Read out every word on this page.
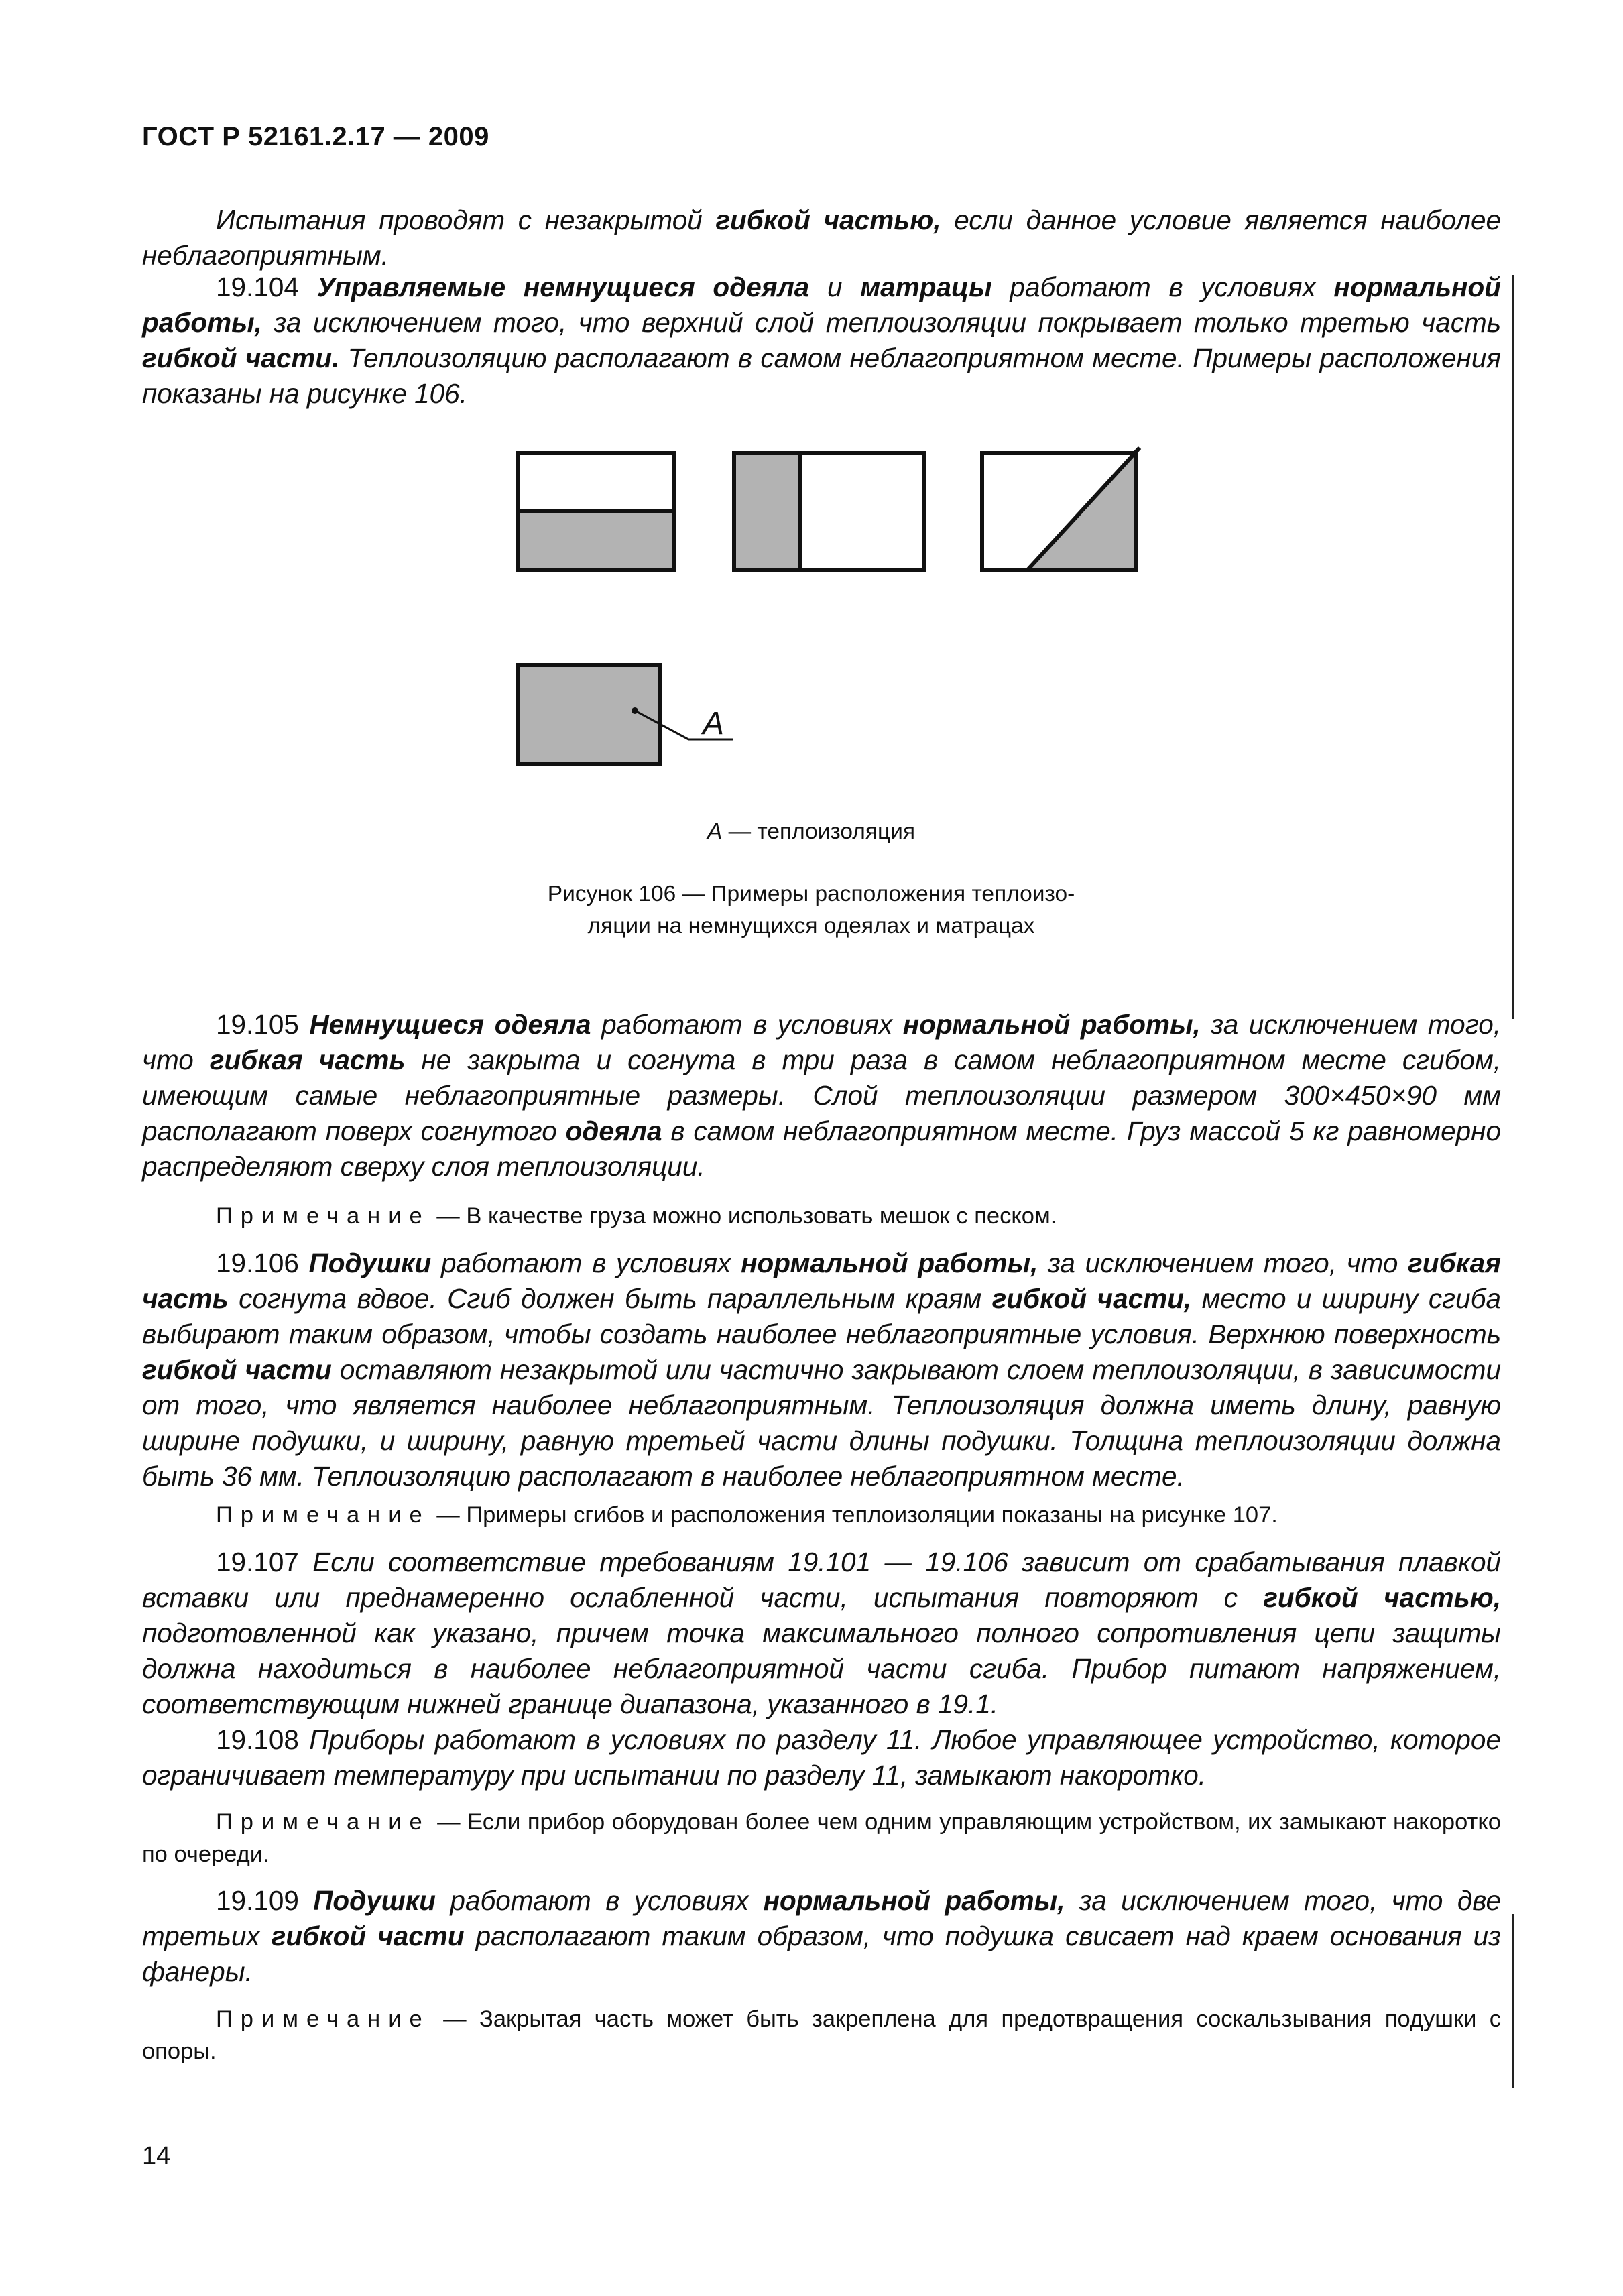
ГОСТ Р 52161.2.17 — 2009
Испытания проводят с незакрытой гибкой частью, если данное условие является наиболее неблагоприятным.
19.104 Управляемые немнущиеся одеяла и матрацы работают в условиях нормальной работы, за исключением того, что верхний слой теплоизоляции покрывает только третью часть гибкой части. Теплоизоляцию располагают в самом неблагоприятном месте. Примеры расположения показаны на рисунке 106.
А
А — теплоизоляция
Рисунок 106 — Примеры расположения теплоизо-
ляции на немнущихся одеялах и матрацах
19.105 Немнущиеся одеяла работают в условиях нормальной работы, за исключением того, что гибкая часть не закрыта и согнута в три раза в самом неблагоприятном месте сгибом, имеющим самые неблагоприятные размеры. Слой теплоизоляции размером 300×450×90 мм располагают поверх согнутого одеяла в самом неблагоприятном месте. Груз массой 5 кг равномерно распределяют сверху слоя теплоизоляции.
Примечание — В качестве груза можно использовать мешок с песком.
19.106 Подушки работают в условиях нормальной работы, за исключением того, что гибкая часть согнута вдвое. Сгиб должен быть параллельным краям гибкой части, место и ширину сгиба выбирают таким образом, чтобы создать наиболее неблагоприятные условия. Верхнюю поверхность гибкой части оставляют незакрытой или частично закрывают слоем теплоизоляции, в зависимости от того, что является наиболее неблагоприятным. Теплоизоляция должна иметь длину, равную ширине подушки, и ширину, равную третьей части длины подушки. Толщина теплоизоляции должна быть 36 мм. Теплоизоляцию располагают в наиболее неблагоприятном месте.
Примечание — Примеры сгибов и расположения теплоизоляции показаны на рисунке 107.
19.107 Если соответствие требованиям 19.101 — 19.106 зависит от срабатывания плавкой вставки или преднамеренно ослабленной части, испытания повторяют с гибкой частью, подготовленной как указано, причем точка максимального полного сопротивления цепи защиты должна находиться в наиболее неблагоприятной части сгиба. Прибор питают напряжением, соответствующим нижней границе диапазона, указанного в 19.1.
19.108 Приборы работают в условиях по разделу 11. Любое управляющее устройство, которое ограничивает температуру при испытании по разделу 11, замыкают накоротко.
Примечание — Если прибор оборудован более чем одним управляющим устройством, их замыкают накоротко по очереди.
19.109 Подушки работают в условиях нормальной работы, за исключением того, что две третьих гибкой части располагают таким образом, что подушка свисает над краем основания из фанеры.
Примечание — Закрытая часть может быть закреплена для предотвращения соскальзывания подушки с опоры.
14
